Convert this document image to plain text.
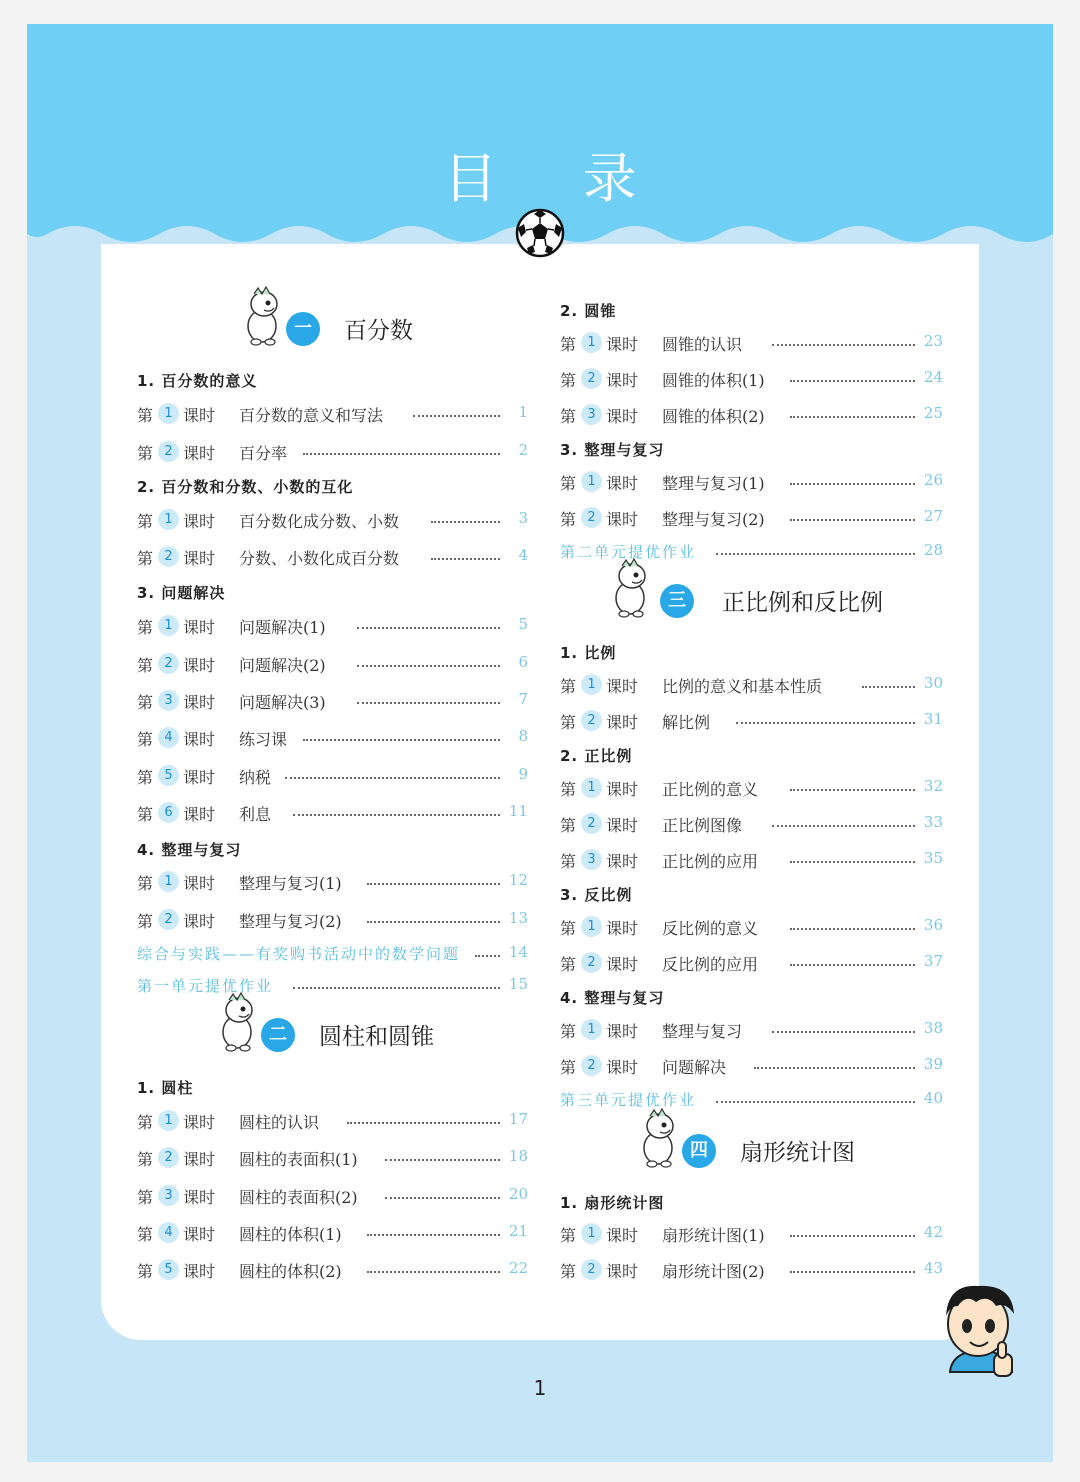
目 录
一	百分数
1. 百分数的意义
第 1 课时 百分数的意义和写法	1
第 2 课时 百分率	2
2. 百分数和分数、小数的互化
第 1 课时 百分数化成分数、小数	3
第 2 课时 分数、小数化成百分数	4
3. 问题解决
第 1 课时 问题解决(1)	5
第 2 课时 问题解决(2)	6
第 3 课时 问题解决(3)	7
第 4 课时 练习课	8
第 5 课时 纳税	9
第 6 课时 利息	11
4. 整理与复习
第 1 课时 整理与复习(1)	12
第 2 课时 整理与复习(2)	13
综合与实践——有奖购书活动中的数学问题	14
第一单元提优作业	15
二	圆柱和圆锥
1. 圆柱
第 1 课时 圆柱的认识	17
第 2 课时 圆柱的表面积(1)	18
第 3 课时 圆柱的表面积(2)	20
第 4 课时 圆柱的体积(1)	21
第 5 课时 圆柱的体积(2)	22
2. 圆锥
第 1 课时 圆锥的认识	23
第 2 课时 圆锥的体积(1)	24
第 3 课时 圆锥的体积(2)	25
3. 整理与复习
第 1 课时 整理与复习(1)	26
第 2 课时 整理与复习(2)	27
第二单元提优作业	28
三	正比例和反比例
1. 比例
第 1 课时 比例的意义和基本性质	30
第 2 课时 解比例	31
2. 正比例
第 1 课时 正比例的意义	32
第 2 课时 正比例图像	33
第 3 课时 正比例的应用	35
3. 反比例
第 1 课时 反比例的意义	36
第 2 课时 反比例的应用	37
4. 整理与复习
第 1 课时 整理与复习	38
第 2 课时 问题解决	39
第三单元提优作业	40
四	扇形统计图
1. 扇形统计图
第 1 课时 扇形统计图(1)	42
第 2 课时 扇形统计图(2)	43
1
